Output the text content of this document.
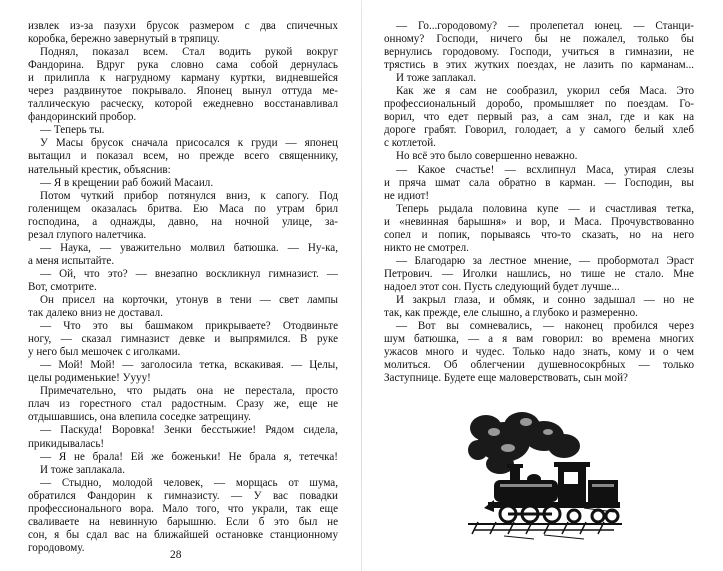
извлек из-за пазухи брусок размером с два спичечных
коробка, бережно завернутый в тряпицу.
Поднял, показал всем. Стал водить рукой вокруг
Фандорина. Вдруг рука словно сама собой дернулась
и прилипла к нагрудному карману куртки, видневшейся
через раздвинутое покрывало. Японец вынул оттуда ме-
таллическую расческу, которой ежедневно восстанавливал
фандоринский пробор.
— Теперь ты.
У Масы брусок сначала присосался к груди — японец
вытащил и показал всем, но прежде всего священнику,
нательный крестик, объяснив:
— Я в крещении раб божий Масаил.
Потом чуткий прибор потянулся вниз, к сапогу. Под
голенищем оказалась бритва. Ею Маса по утрам брил
господина, а однажды, давно, на ночной улице, за-
резал глупого налетчика.
— Наука, — уважительно молвил батюшка. — Ну-ка,
а меня испытайте.
— Ой, что это? — внезапно воскликнул гимназист. —
Вот, смотрите.
Он присел на корточки, утонув в тени — свет лампы
так далеко вниз не доставал.
— Что это вы башмаком прикрываете? Отодвиньте
ногу, — сказал гимназист девке и выпрямился. В руке
у него был мешочек с иголками.
— Мой! Мой! — заголосила тетка, вскакивая. — Целы,
целы родименькие! Уууу!
Примечательно, что рыдать она не перестала, просто
плач из горестного стал радостным. Сразу же, еще не
отдышавшись, она влепила соседке затрещину.
— Паскуда! Воровка! Зенки бесстыжие! Рядом сидела,
прикидывалась!
— Я не брала! Ей же боженьки! Не брала я, тетечка!
И тоже заплакала.
— Стыдно, молодой человек, — морщась от шума,
обратился Фандорин к гимназисту. — У вас повадки
профессионального вора. Мало того, что украли, так еще
сваливаете на невинную барышню. Если б это был не
сон, я бы сдал вас на ближайшей остановке станционному
городовому.
28
— Го...городовому? — пролепетал юнец. — Станци-
онному? Господи, ничего бы не пожалел, только бы
вернулись городовому. Господи, учиться в гимназии, не
трястись в этих жутких поездах, не лазить по карманам...
И тоже заплакал.
Как же я сам не сообразил, укорил себя Маса. Это
профессиональный доробо, промышляет по поездам. Го-
ворил, что едет первый раз, а сам знал, где и как на
дороге грабят. Говорил, голодает, а у самого белый хлеб
с котлетой.
Но всё это было совершенно неважно.
— Какое счастье! — всхлипнул Маса, утирая слезы
и пряча шмат сала обратно в карман. — Господин, вы
не идиот!
Теперь рыдала половина купе — и счастливая тетка,
и «невинная барышня» и вор, и Маса. Прочувствованно
сопел и попик, порываясь что-то сказать, но на него
никто не смотрел.
— Благодарю за лестное мнение, — пробормотал Эраст
Петрович. — Иголки нашлись, но тише не стало. Мне
надоел этот сон. Пусть следующий будет лучше...
И закрыл глаза, и обмяк, и сонно задышал — но не
так, как прежде, еле слышно, а глубоко и размеренно.
— Вот вы сомневались, — наконец пробился через
шум батюшка, — а я вам говорил: во времена многих
ужасов много и чудес. Только надо знать, кому и о чем
молиться. Об облегчении душевносокрбных — только
Заступнице. Будете еще маловерствовать, сын мой?
